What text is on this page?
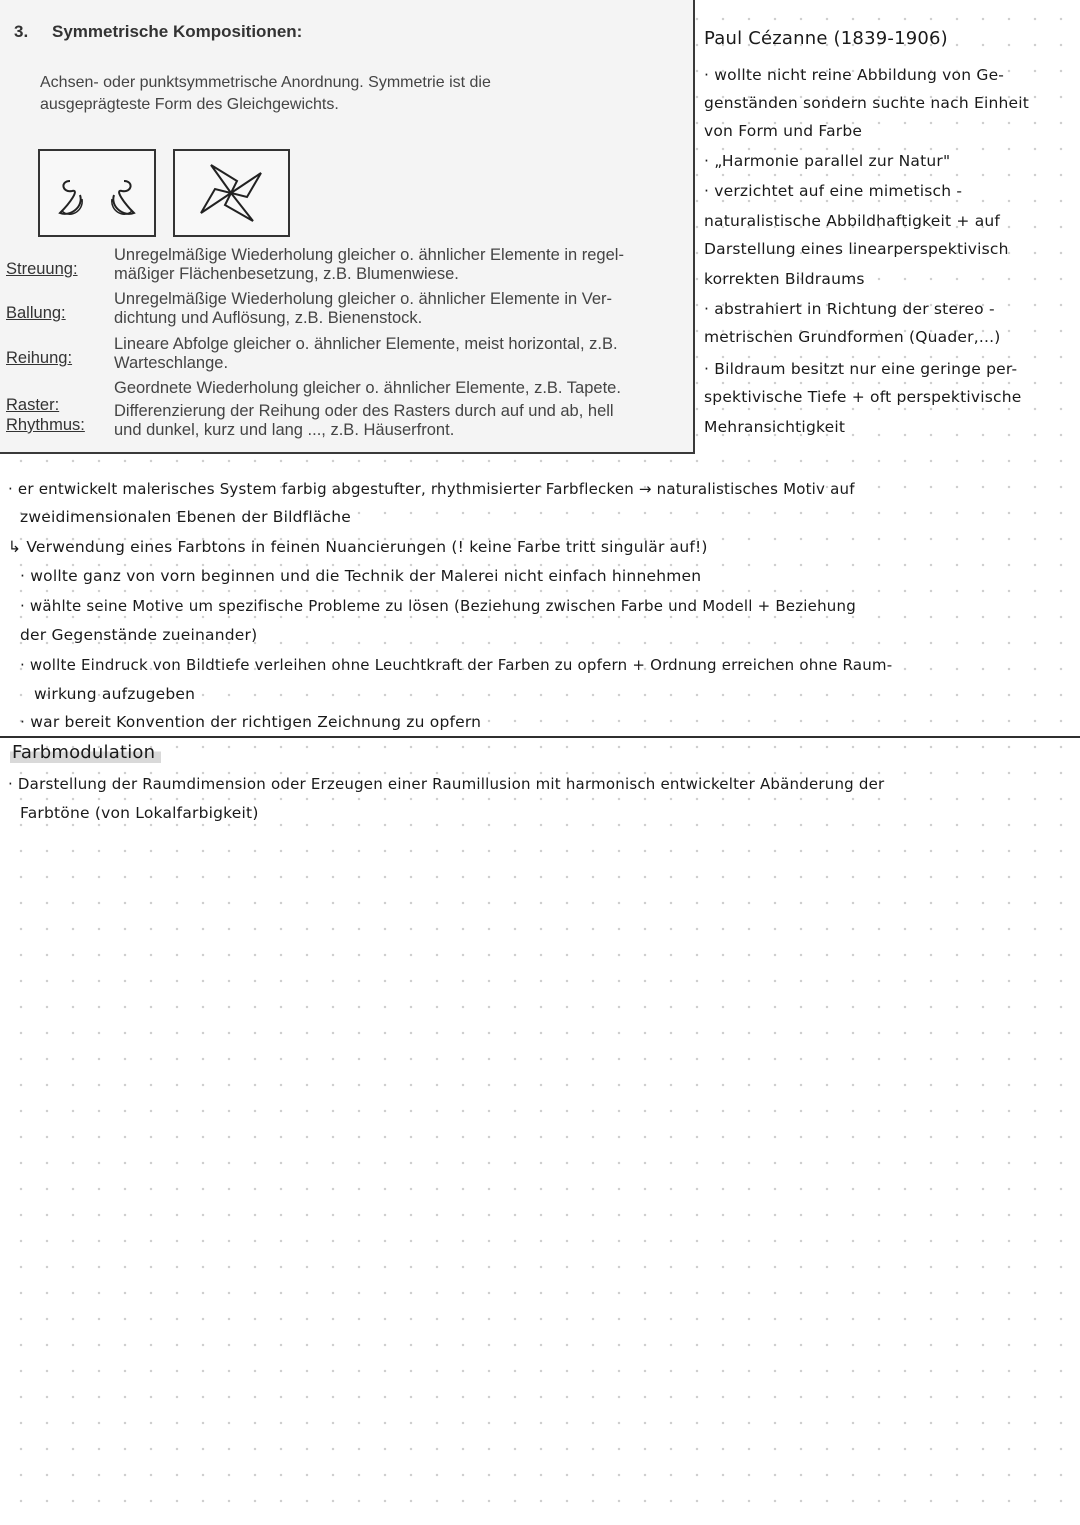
3. Symmetrische Kompositionen:
Achsen- oder punktsymmetrische Anordnung. Symmetrie ist die
ausgeprägteste Form des Gleichgewichts.
Streuung:
Unregelmäßige Wiederholung gleicher o. ähnlicher Elemente in regel-
mäßiger Flächenbesetzung, z.B. Blumenwiese.
Ballung:
Unregelmäßige Wiederholung gleicher o. ähnlicher Elemente in Ver-
dichtung und Auflösung, z.B. Bienenstock.
Reihung:
Lineare Abfolge gleicher o. ähnlicher Elemente, meist horizontal, z.B.
Warteschlange.
Raster:
Geordnete Wiederholung gleicher o. ähnlicher Elemente, z.B. Tapete.
Rhythmus:
Differenzierung der Reihung oder des Rasters durch auf und ab, hell
und dunkel, kurz und lang ..., z.B. Häuserfront.
Paul Cézanne (1839-1906)
· wollte nicht reine Abbildung von Ge-
genständen sondern suchte nach Einheit
von Form und Farbe
· „Harmonie parallel zur Natur"
· verzichtet auf eine mimetisch -
naturalistische Abbildhaftigkeit + auf
Darstellung eines linearperspektivisch
korrekten Bildraums
· abstrahiert in Richtung der stereo -
metrischen Grundformen (Quader,...)
· Bildraum besitzt nur eine geringe per-
spektivische Tiefe + oft perspektivische
Mehransichtigkeit
· er entwickelt malerisches System farbig abgestufter, rhythmisierter Farbflecken → naturalistisches Motiv auf
zweidimensionalen Ebenen der Bildfläche
↳ Verwendung eines Farbtons in feinen Nuancierungen (! keine Farbe tritt singulär auf!)
· wollte ganz von vorn beginnen und die Technik der Malerei nicht einfach hinnehmen
· wählte seine Motive um spezifische Probleme zu lösen (Beziehung zwischen Farbe und Modell + Beziehung
der Gegenstände zueinander)
· wollte Eindruck von Bildtiefe verleihen ohne Leuchtkraft der Farben zu opfern + Ordnung erreichen ohne Raum-
wirkung aufzugeben
· war bereit Konvention der richtigen Zeichnung zu opfern
Farbmodulation
· Darstellung der Raumdimension oder Erzeugen einer Raumillusion mit harmonisch entwickelter Abänderung der
Farbtöne (von Lokalfarbigkeit)
